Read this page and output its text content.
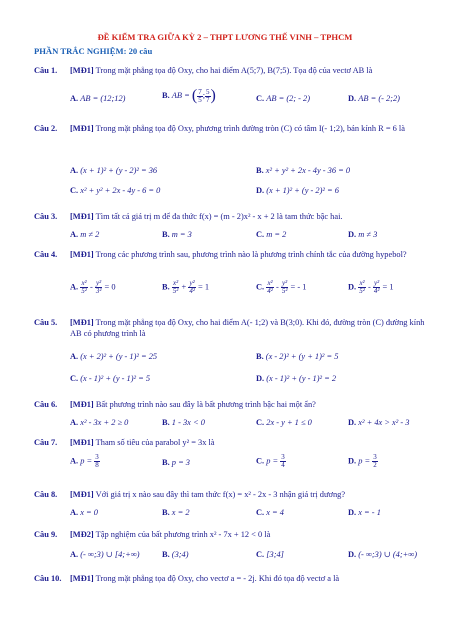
ĐỀ KIỂM TRA GIỮA KỲ 2 – THPT LƯƠNG THẾ VINH – TPHCM
PHẦN TRẮC NGHIỆM: 20 câu
Câu 1. [MĐ1] Trong mặt phẳng tọa độ Oxy, cho hai điểm A(5;7), B(7;5). Tọa độ của vectơ AB là
A. AB = (12;12)	B. AB = ( $\frac{7}{5}$ ; $\frac{5}{7}$ )	C. AB = (2; - 2)	D. AB = (- 2;2)
Câu 2. [MĐ1] Trong mặt phẳng tọa độ Oxy, phương trình đường tròn (C) có tâm I(- 1;2), bán kính R = 6 là
A. (x + 1)² + (y - 2)² = 36	B. x² + y² + 2x - 4y - 36 = 0
C. x² + y² + 2x - 4y - 6 = 0	D. (x + 1)² + (y - 2)² = 6
Câu 3. [MĐ1] Tìm tất cả giá trị m để đa thức f(x) = (m - 2)x² - x + 2 là tam thức bậc hai.
A. m ≠ 2	B. m = 3	C. m = 2	D. m ≠ 3
Câu 4. [MĐ1] Trong các phương trình sau, phương trình nào là phương trình chính tắc của đường hypebol?
A. $\frac{\text{x²}}{\text{5²}} - \frac{\text{y²}}{\text{3²}} = 0$	B. $\frac{\text{x²}}{\text{5²}} + \frac{\text{y²}}{\text{4²}} = 1$	C. $\frac{\text{x²}}{\text{4²}} - \frac{\text{y²}}{\text{5²}}$ = - 1	D. $\frac{\text{x²}}{\text{5²}} - \frac{\text{y²}}{\text{4²}} = 1$
Câu 5. [MĐ1] Trong mặt phẳng tọa độ Oxy, cho hai điểm A(- 1;2) và B(3;0). Khi đó, đường tròn (C) đường kính AB có phương trình là
A. (x + 2)² + (y - 1)² = 25	B. (x - 2)² + (y + 1)² = 5
C. (x - 1)² + (y - 1)² = 5	D. (x - 1)² + (y - 1)² = 2
Câu 6. [MĐ1] Bất phương trình nào sau đây là bất phương trình bậc hai một ẩn?
A. x² - 3x + 2 ≥ 0	B. 1 - 3x < 0	C. 2x - y + 1 ≤ 0	D. x² + 4x > x² - 3
Câu 7. [MĐ1] Tham số tiêu của parabol y² = 3x là
A. $p = \frac{3}{8}$	B. p = 3	C. $p = \frac{3}{4}$	D. $p = \frac{3}{2}$
Câu 8. [MĐ1] Với giá trị x nào sau đây thì tam thức f(x) = x² - 2x - 3 nhận giá trị dương?
A. x = 0	B. x = 2	C. x = 4	D. x = - 1
Câu 9. [MĐ2] Tập nghiệm của bất phương trình x² - 7x + 12 < 0 là
A. (- ∞;3) ∪ [4;+∞)	B. (3;4)	C. [3;4]	D. (- ∞;3) ∪ (4;+∞)
Câu 10. [MĐ1] Trong mặt phẳng tọa độ Oxy, cho vectơ a = - 2j. Khi đó tọa độ vectơ a là
